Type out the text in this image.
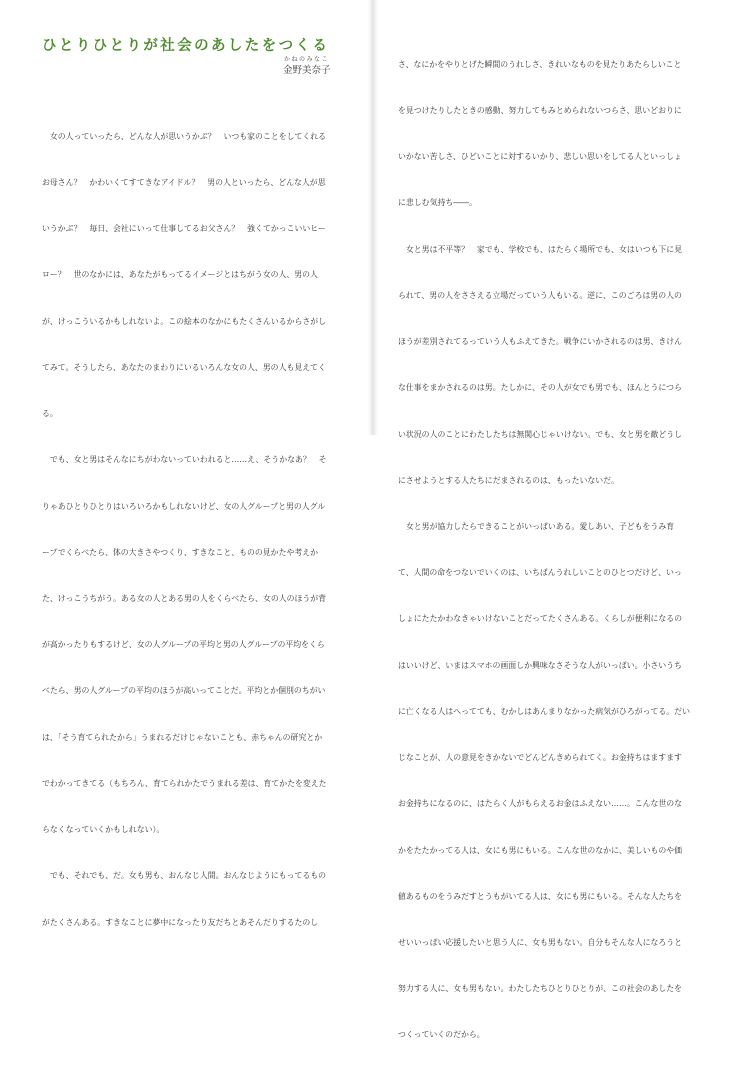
ひとりひとりが社会のあしたをつくる
かねのみなこ
金野美奈子

　女の人っていったら、どんな人が思いうかぶ？　いつも家のことをしてくれる

お母さん？　かわいくてすてきなアイドル？　男の人といったら、どんな人が思

いうかぶ？　毎日、会社にいって仕事してるお父さん？　強くてかっこいいヒー

ロー？　世のなかには、あなたがもってるイメージとはちがう女の人、男の人

が、けっこういるかもしれないよ。この絵本のなかにもたくさんいるからさがし

てみて。そうしたら、あなたのまわりにいるいろんな女の人、男の人も見えてく

る。

　でも、女と男はそんなにちがわないっていわれると……え、そうかなあ？　そ

りゃあひとりひとりはいろいろかもしれないけど、女の人グループと男の人グル

ープでくらべたら、体の大きさやつくり、すきなこと、ものの見かたや考えか

た、けっこうちがう。ある女の人とある男の人をくらべたら、女の人のほうが背

が高かったりもするけど、女の人グループの平均と男の人グループの平均をくら

べたら、男の人グループの平均のほうが高いってことだ。平均とか個別のちがい

は、「そう育てられたから」うまれるだけじゃないことも、赤ちゃんの研究とか

でわかってきてる（もちろん、育てられかたでうまれる差は、育てかたを変えた

らなくなっていくかもしれない）。

　でも、それでも、だ。女も男も、おんなじ人間。おんなじようにもってるもの

がたくさんある。すきなことに夢中になったり友だちとあそんだりするたのし

さ、なにかをやりとげた瞬間のうれしさ、きれいなものを見たりあたらしいこと

を見つけたりしたときの感動、努力してもみとめられないつらさ、思いどおりに

いかない苦しさ、ひどいことに対するいかり、悲しい思いをしてる人といっしょ

に悲しむ気持ち――。

　女と男は不平等？　家でも、学校でも、はたらく場所でも、女はいつも下に見

られて、男の人をささえる立場だっていう人もいる。逆に、このごろは男の人の

ほうが差別されてるっていう人もふえてきた。戦争にいかされるのは男、きけん

な仕事をまかされるのは男。たしかに、その人が女でも男でも、ほんとうにつら

い状況の人のことにわたしたちは無関心じゃいけない。でも、女と男を敵どうし

にさせようとする人たちにだまされるのは、もったいないだ。

　女と男が協力したらできることがいっぱいある。愛しあい、子どもをうみ育

て、人間の命をつないでいくのは、いちばんうれしいことのひとつだけど、いっ

しょにたたかわなきゃいけないことだってたくさんある。くらしが便利になるの

はいいけど、いまはスマホの画面しか興味なさそうな人がいっぱい。小さいうち

に亡くなる人はへってても、むかしはあんまりなかった病気がひろがってる。だい

じなことが、人の意見をきかないでどんどんきめられてく。お金持ちはますます

お金持ちになるのに、はたらく人がもらえるお金はふえない……。こんな世のな

かをたたかってる人は、女にも男にもいる。こんな世のなかに、美しいものや価

値あるものをうみだすとうもがいてる人は、女にも男にもいる。そんな人たちを

せいいっぱい応援したいと思う人に、女も男もない。自分もそんな人になろうと

努力する人に、女も男もない。わたしたちひとりひとりが、この社会のあしたを

つくっていくのだから。
